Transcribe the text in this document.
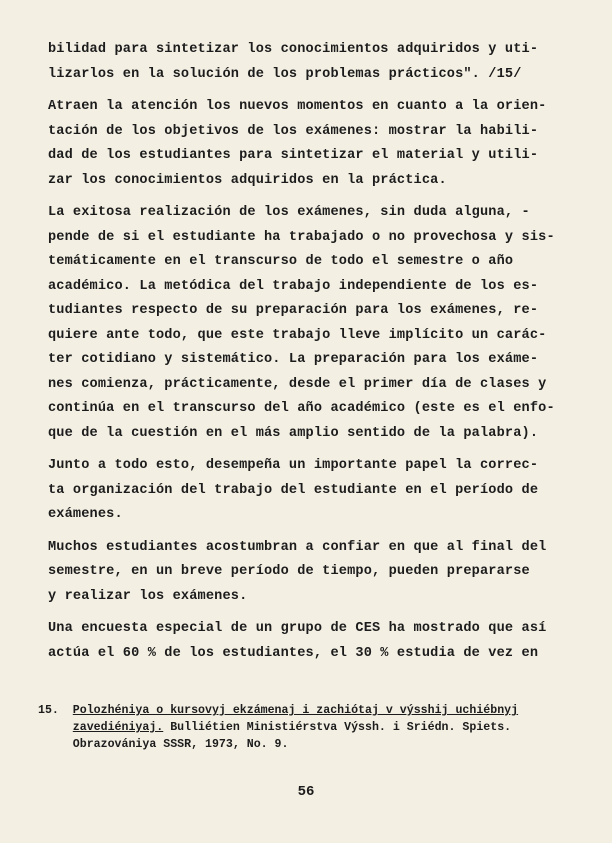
bilidad para sintetizar los conocimientos adquiridos y uti-
lizarlos en la solución de los problemas prácticos". /15/
Atraen la atención los nuevos momentos en cuanto a la orien-
tación de los objetivos de los exámenes: mostrar la habili-
dad de los estudiantes para sintetizar el material y utili-
zar los conocimientos adquiridos en la práctica.
La exitosa realización de los exámenes, sin duda alguna, -
pende de si el estudiante ha trabajado o no provechosa y sis-
temáticamente en el transcurso de todo el semestre o año
académico. La metódica del trabajo independiente de los es-
tudiantes respecto de su preparación para los exámenes, re-
quiere ante todo, que este trabajo lleve implícito un carác-
ter cotidiano y sistemático. La preparación para los exáme-
nes comienza, prácticamente, desde el primer día de clases y
continúa en el transcurso del año académico (este es el enfo-
que de la cuestión en el más amplio sentido de la palabra).
Junto a todo esto, desempeña un importante papel la correc-
ta organización del trabajo del estudiante en el período de
exámenes.
Muchos estudiantes acostumbran a confiar en que al final del
semestre, en un breve período de tiempo, pueden prepararse
y realizar los exámenes.
Una encuesta especial de un grupo de CES ha mostrado que así
actúa el 60 % de los estudiantes, el 30 % estudia de vez en
15. Polozhéniya o kursovyj ekzámenaj i zachiótaj v výsshij uchiébnyj
zavediéniyaj. Bulliétien Ministiérstva Výssh. i Sriédn. Spiets.
Obrazovániya SSSR, 1973, No. 9.
56
